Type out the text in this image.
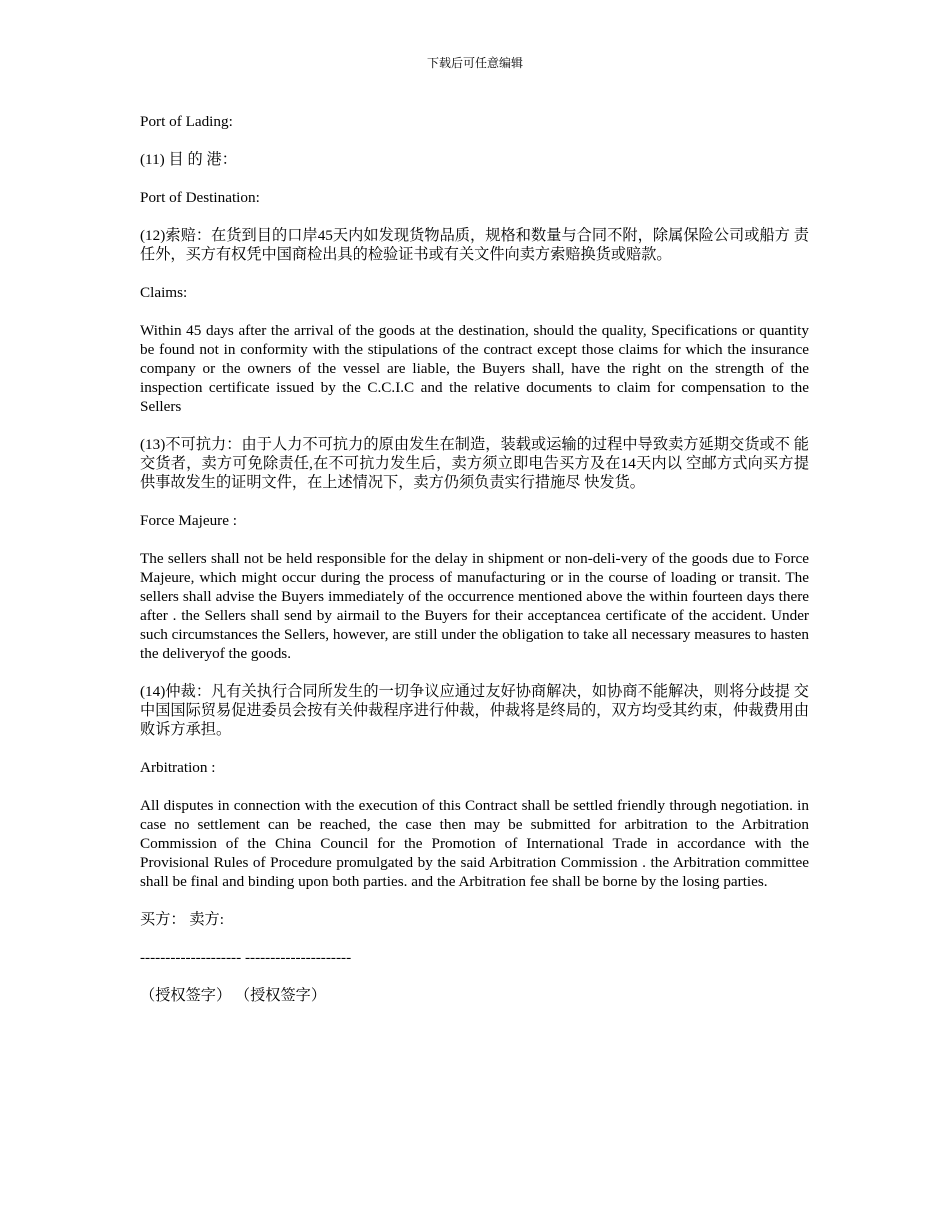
下载后可任意编辑

Port of Lading:

(11) 目 的 港：

Port of Destination:

(12)索赔：在货到目的口岸45天内如发现货物品质，规格和数量与合同不附，除属保险公司或船方 责任外，买方有权凭中国商检出具的检验证书或有关文件向卖方索赔换货或赔款。

Claims:

Within 45 days after the arrival of the goods at the destination, should the quality, Specifications or quantity be found not in conformity with the stipulations of the contract except those claims for which the insurance company or the owners of the vessel are liable, the Buyers shall, have the right on the strength of the inspection certificate issued by the C.C.I.C and the relative documents to claim for compensation to the Sellers

(13)不可抗力：由于人力不可抗力的原由发生在制造，装载或运输的过程中导致卖方延期交货或不 能交货者，卖方可免除责任,在不可抗力发生后，卖方须立即电告买方及在14天内以 空邮方式向买方提供事故发生的证明文件，在上述情况下，卖方仍须负责实行措施尽 快发货。

Force Majeure :

The sellers shall not be held responsible for the delay in shipment or non-deli-very of the goods due to Force Majeure, which might occur during the process of manufacturing or in the course of loading or transit. The sellers shall advise the Buyers immediately of the occurrence mentioned above the within fourteen days there after . the Sellers shall send by airmail to the Buyers for their acceptancea certificate of the accident. Under such circumstances the Sellers, however, are still under the obligation to take all necessary measures to hasten the deliveryof the goods.

(14)仲裁：凡有关执行合同所发生的一切争议应通过友好协商解决，如协商不能解决，则将分歧提 交中国国际贸易促进委员会按有关仲裁程序进行仲裁，仲裁将是终局的，双方均受其约束，仲裁费用由败诉方承担。

Arbitration :

All disputes in connection with the execution of this Contract shall be settled friendly through negotiation. in case no settlement can be reached, the case then may be submitted for arbitration to the Arbitration Commission of the China Council for the Promotion of International Trade in accordance with the Provisional Rules of Procedure promulgated by the said Arbitration Commission . the Arbitration committee shall be final and binding upon both parties. and the Arbitration fee shall be borne by the losing parties.

买方： 卖方:

-------------------- ---------------------

（授权签字） （授权签字）
